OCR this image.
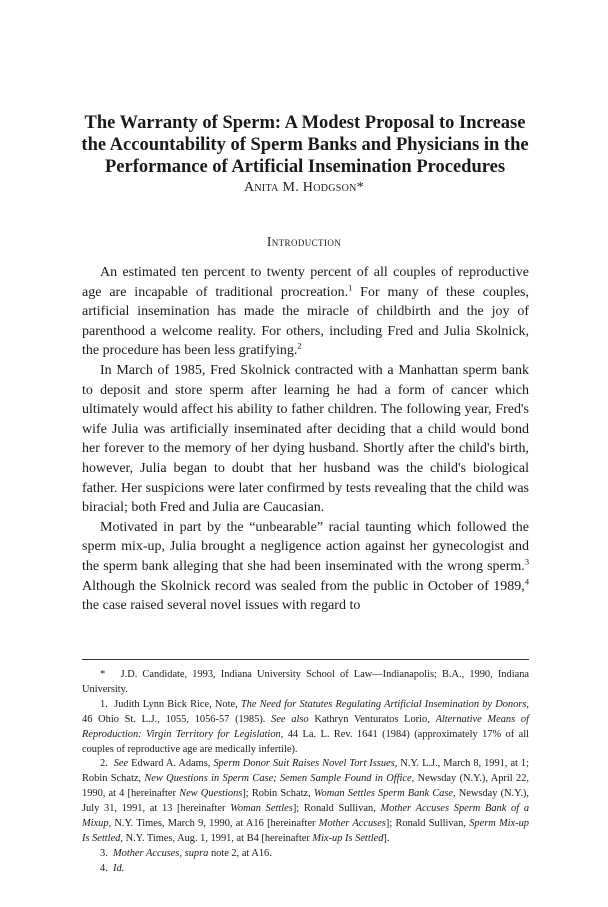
The Warranty of Sperm: A Modest Proposal to Increase
the Accountability of Sperm Banks and Physicians in the
Performance of Artificial Insemination Procedures
Anita M. Hodgson*
Introduction

An estimated ten percent to twenty percent of all couples of reproductive age are incapable of traditional procreation.$^1$ For many of these couples, artificial insemination has made the miracle of childbirth and the joy of parenthood a welcome reality. For others, including Fred and Julia Skolnick, the procedure has been less gratifying.$^2$

In March of 1985, Fred Skolnick contracted with a Manhattan sperm bank to deposit and store sperm after learning he had a form of cancer which ultimately would affect his ability to father children. The following year, Fred's wife Julia was artificially inseminated after deciding that a child would bond her forever to the memory of her dying husband. Shortly after the child's birth, however, Julia began to doubt that her husband was the child's biological father. Her suspicions were later confirmed by tests revealing that the child was biracial; both Fred and Julia are Caucasian.

Motivated in part by the “unbearable” racial taunting which followed the sperm mix-up, Julia brought a negligence action against her gynecologist and the sperm bank alleging that she had been inseminated with the wrong sperm.$^3$ Although the Skolnick record was sealed from the public in October of 1989,$^4$ the case raised several novel issues with regard to

* J.D. Candidate, 1993, Indiana University School of Law—Indianapolis; B.A., 1990, Indiana University.

1. Judith Lynn Bick Rice, Note, The Need for Statutes Regulating Artificial Insemination by Donors, 46 Ohio St. L.J., 1055, 1056-57 (1985). See also Kathryn Venturatos Lorio, Alternative Means of Reproduction: Virgin Territory for Legislation, 44 La. L. Rev. 1641 (1984) (approximately 17% of all couples of reproductive age are medically infertile).

2. See Edward A. Adams, Sperm Donor Suit Raises Novel Tort Issues, N.Y. L.J., March 8, 1991, at 1; Robin Schatz, New Questions in Sperm Case; Semen Sample Found in Office, Newsday (N.Y.), April 22, 1990, at 4 [hereinafter New Questions]; Robin Schatz, Woman Settles Sperm Bank Case, Newsday (N.Y.), July 31, 1991, at 13 [hereinafter Woman Settles]; Ronald Sullivan, Mother Accuses Sperm Bank of a Mixup, N.Y. Times, March 9, 1990, at A16 [hereinafter Mother Accuses]; Ronald Sullivan, Sperm Mix-up Is Settled, N.Y. Times, Aug. 1, 1991, at B4 [hereinafter Mix-up Is Settled].

3. Mother Accuses, supra note 2, at A16.

4. Id.
